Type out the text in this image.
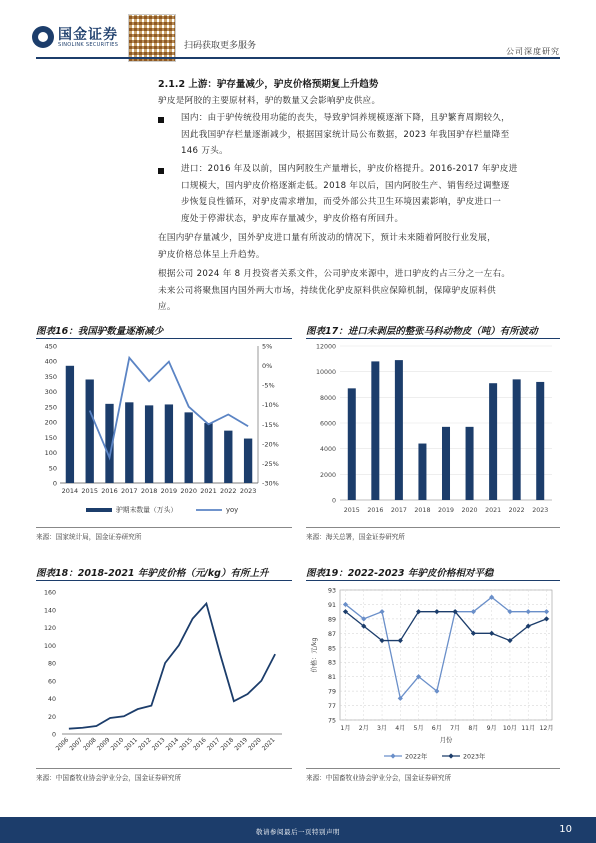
国金证券
SINOLINK SECURITIES	扫码获取更多服务
公司深度研究
2.1.2 上游：驴存量减少，驴皮价格预期复上升趋势
驴皮是阿胶的主要原材料，驴的数量又会影响驴皮供应。
国内：由于驴传统役用功能的丧失，导致驴饲养规模逐渐下降，且驴繁育周期较久，
因此我国驴存栏量逐渐减少，根据国家统计局公布数据，2023 年我国驴存栏量降至
146 万头。
进口：2016 年及以前，国内阿胶生产量增长，驴皮价格提升。2016-2017 年驴皮进
口规模大，国内驴皮价格逐渐走低。2018 年以后，国内阿胶生产、销售经过调整逐
步恢复良性循环，对驴皮需求增加，而受外部公共卫生环境因素影响，驴皮进口一
度处于停滞状态，驴皮库存量减少，驴皮价格有所回升。
在国内驴存量减少，国外驴皮进口量有所波动的情况下，预计未来随着阿胶行业发展，
驴皮价格总体呈上升趋势。
根据公司 2024 年 8 月投资者关系文件，公司驴皮来源中，进口驴皮约占三分之一左右。
未来公司将聚焦国内国外两大市场，持续优化驴皮原料供应保障机制，保障驴皮原料供
应。
图表16：我国驴数量逐渐减少
0
50
100
150
200
250
300
350
400
450	5%
0%
-5%
-10%
-15%
-20%
-25%
-30%
2014 2015 2016 2017 2018 2019 2020 2021 2022 2023
驴期末数量（万头）	yoy
来源：国家统计局，国金证券研究所
图表17：进口未剥层的整张马科动物皮（吨）有所波动
0
2000
4000
6000
8000
10000
12000
2015 2016 2017 2018 2019 2020 2021 2022 2023
来源：海关总署，国金证券研究所
图表18：2018-2021 年驴皮价格（元/kg）有所上升
0
20
40
60
80
100
120
140
160
2006
2007
2008
2009
2010
2011
2012
2013
2014
2015
2016
2017
2018
2019
2020
2021
来源：中国畜牧业协会驴业分会，国金证券研究所
图表19：2022-2023 年驴皮价格相对平稳
75
77
79
81
83
85
87
89
91
93
1月 2月 3月 4月 5月 6月 7月 8月 9月 10月 11月 12月
价格：元/kg
月份
2022年	2023年
来源：中国畜牧业协会驴业分会，国金证券研究所
敬请参阅最后一页特别声明	10
